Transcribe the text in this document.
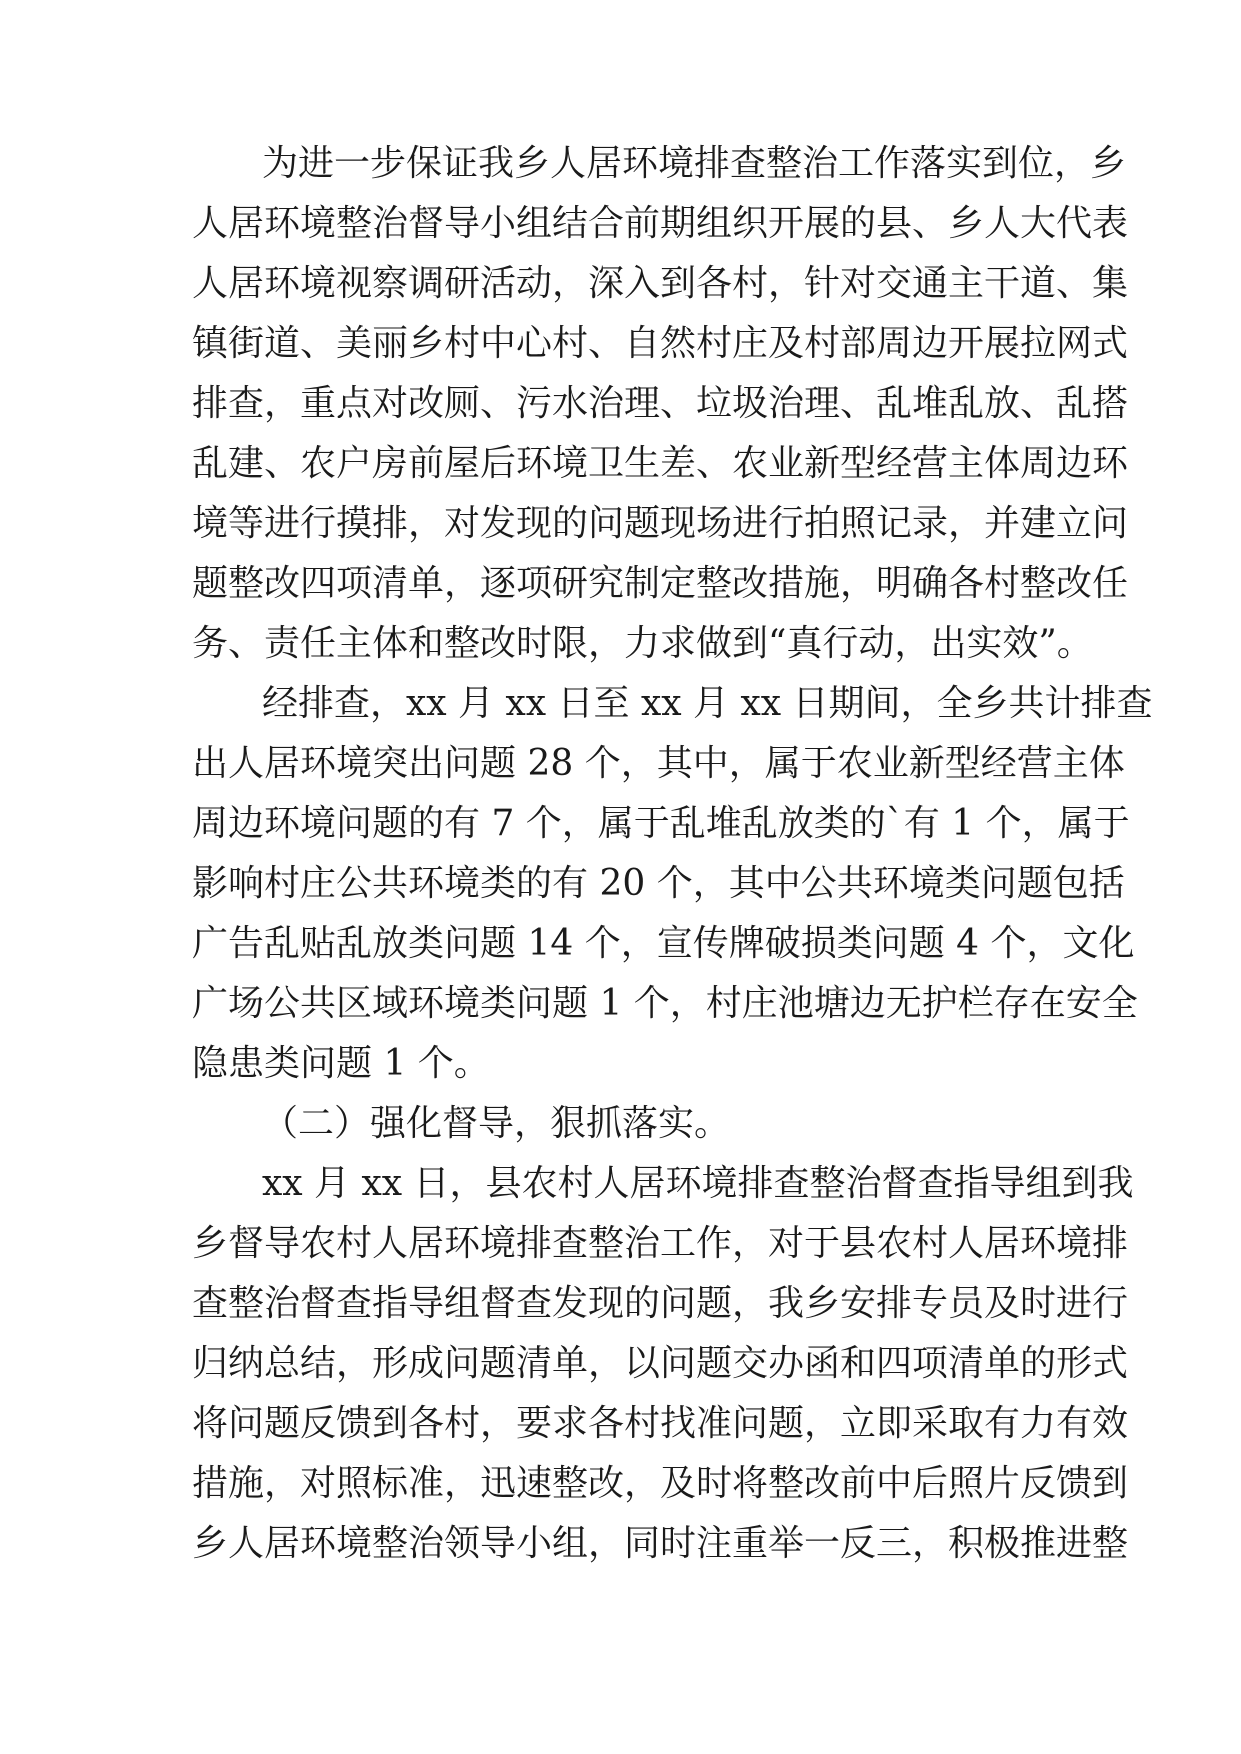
为进一步保证我乡人居环境排查整治工作落实到位，乡
人居环境整治督导小组结合前期组织开展的县、乡人大代表
人居环境视察调研活动，深入到各村，针对交通主干道、集
镇街道、美丽乡村中心村、自然村庄及村部周边开展拉网式
排查，重点对改厕、污水治理、垃圾治理、乱堆乱放、乱搭
乱建、农户房前屋后环境卫生差、农业新型经营主体周边环
境等进行摸排，对发现的问题现场进行拍照记录，并建立问
题整改四项清单，逐项研究制定整改措施，明确各村整改任
务、责任主体和整改时限，力求做到“真行动，出实效”。
经排查，xx 月 xx 日至 xx 月 xx 日期间，全乡共计排查
出人居环境突出问题 28 个，其中，属于农业新型经营主体
周边环境问题的有 7 个，属于乱堆乱放类的`有 1 个，属于
影响村庄公共环境类的有 20 个，其中公共环境类问题包括
广告乱贴乱放类问题 14 个，宣传牌破损类问题 4 个，文化
广场公共区域环境类问题 1 个，村庄池塘边无护栏存在安全
隐患类问题 1 个。
（二）强化督导，狠抓落实。
xx 月 xx 日，县农村人居环境排查整治督查指导组到我
乡督导农村人居环境排查整治工作，对于县农村人居环境排
查整治督查指导组督查发现的问题，我乡安排专员及时进行
归纳总结，形成问题清单，以问题交办函和四项清单的形式
将问题反馈到各村，要求各村找准问题，立即采取有力有效
措施，对照标准，迅速整改，及时将整改前中后照片反馈到
乡人居环境整治领导小组，同时注重举一反三，积极推进整
